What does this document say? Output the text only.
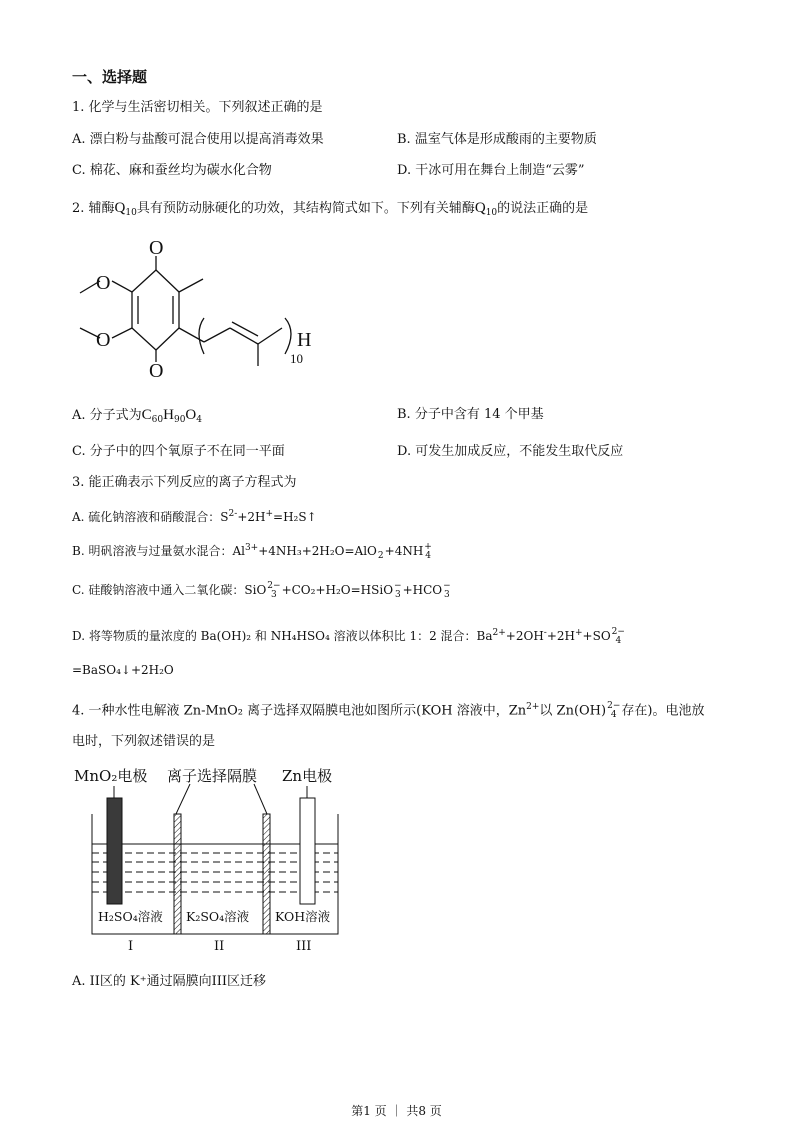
一、选择题
1. 化学与生活密切相关。下列叙述正确的是
A. 漂白粉与盐酸可混合使用以提高消毒效果	B. 温室气体是形成酸雨的主要物质
C. 棉花、麻和蚕丝均为碳水化合物	D. 干冰可用在舞台上制造“云雾”
2. 辅酶$Q_{10}$具有预防动脉硬化的功效，其结构简式如下。下列有关辅酶$Q_{10}$的说法正确的是
O
O
O
O	H
10
A. 分子式为$C_{60}H_{90}O_4$	B. 分子中含有 14 个甲基
C. 分子中的四个氧原子不在同一平面	D. 可发生加成反应，不能发生取代反应
3. 能正确表示下列反应的离子方程式为
A. 硫化钠溶液和硝酸混合：$S^{2-}+2H^+=H_2S↑$
B. 明矾溶液与过量氨水混合：$Al^{3+}+4NH_3+2H_2O=AlO$
2 +4NH +
4
C. 硅酸钠溶液中通入二氧化碳：SiO 2−
3 +CO₂+H₂O=HSiO −
3 +HCO −
3
D. 将等物质的量浓度的 Ba(OH)₂ 和 NH₄HSO₄ 溶液以体积比 1：2 混合：$Ba^{2+}+2OH^-+2H^++SO$ 2−
4
=BaSO₄↓+2H₂O
4. 一种水性电解液 Zn-MnO₂ 离子选择双隔膜电池如图所示(KOH 溶液中，$Zn^{2+}$以 Zn(OH) 2−
4 存在)。电池放
电时，下列叙述错误的是
MnO₂电极 离子选择隔膜 Zn电极
H₂SO₄溶液 K₂SO₄溶液 KOH溶液
I	II	III
A. II区的 K⁺通过隔膜向III区迁移
第1 页 ｜ 共8 页
